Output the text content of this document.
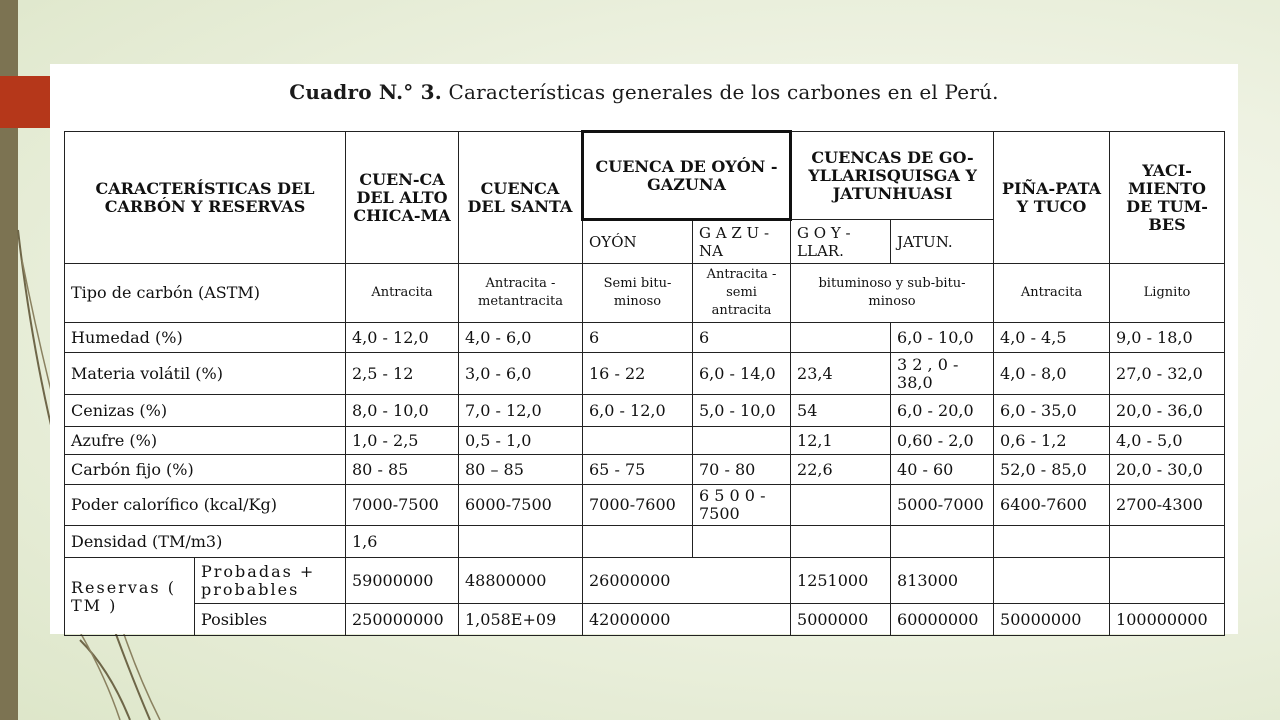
Cuadro N.° 3. Características generales de los carbones en el Perú.
CARACTERÍSTICAS DEL CARBÓN Y RESERVAS		CUEN-CA DEL ALTO CHICA-MA	CUENCA DEL SANTA	CUENCA DE OYÓN - GAZUNA		CUENCAS DE GO-YLLARISQUISGA Y JATUNHUASI		PIÑA-PATA Y TUCO	YACI-MIENTO DE TUM-BES
				OYÓN	G A Z U - NA	G O Y - LLAR.	JATUN.		
Tipo de carbón (ASTM)		Antracita	Antracita - metantracita	Semi bitu-minoso	Antracita - semi antracita	bituminoso y sub-bitu-minoso		Antracita	Lignito
Humedad (%)		4,0 - 12,0	4,0 - 6,0	6	6		6,0 - 10,0	4,0 - 4,5	9,0 - 18,0
Materia volátil (%)		2,5 - 12	3,0 - 6,0	16 - 22	6,0 - 14,0	23,4	3 2 , 0 - 38,0	4,0 - 8,0	27,0 - 32,0
Cenizas (%)		8,0 - 10,0	7,0 - 12,0	6,0 - 12,0	5,0 - 10,0	54	6,0 - 20,0	6,0 - 35,0	20,0 - 36,0
Azufre (%)		1,0 - 2,5	0,5 - 1,0			12,1	0,60 - 2,0	0,6 - 1,2	4,0 - 5,0
Carbón fijo (%)		80 - 85	80 – 85	65 - 75	70 - 80	22,6	40 - 60	52,0 - 85,0	20,0 - 30,0
Poder calorífico (kcal/Kg)		7000-7500	6000-7500	7000-7600	6 5 0 0 - 7500		5000-7000	6400-7600	2700-4300
Densidad (TM/m3)		1,6							
Reservas ( TM )	Probadas + probables	59000000	48800000	26000000		1251000	813000		
	Posibles	250000000	1,058E+09	42000000		5000000	60000000	50000000	100000000
